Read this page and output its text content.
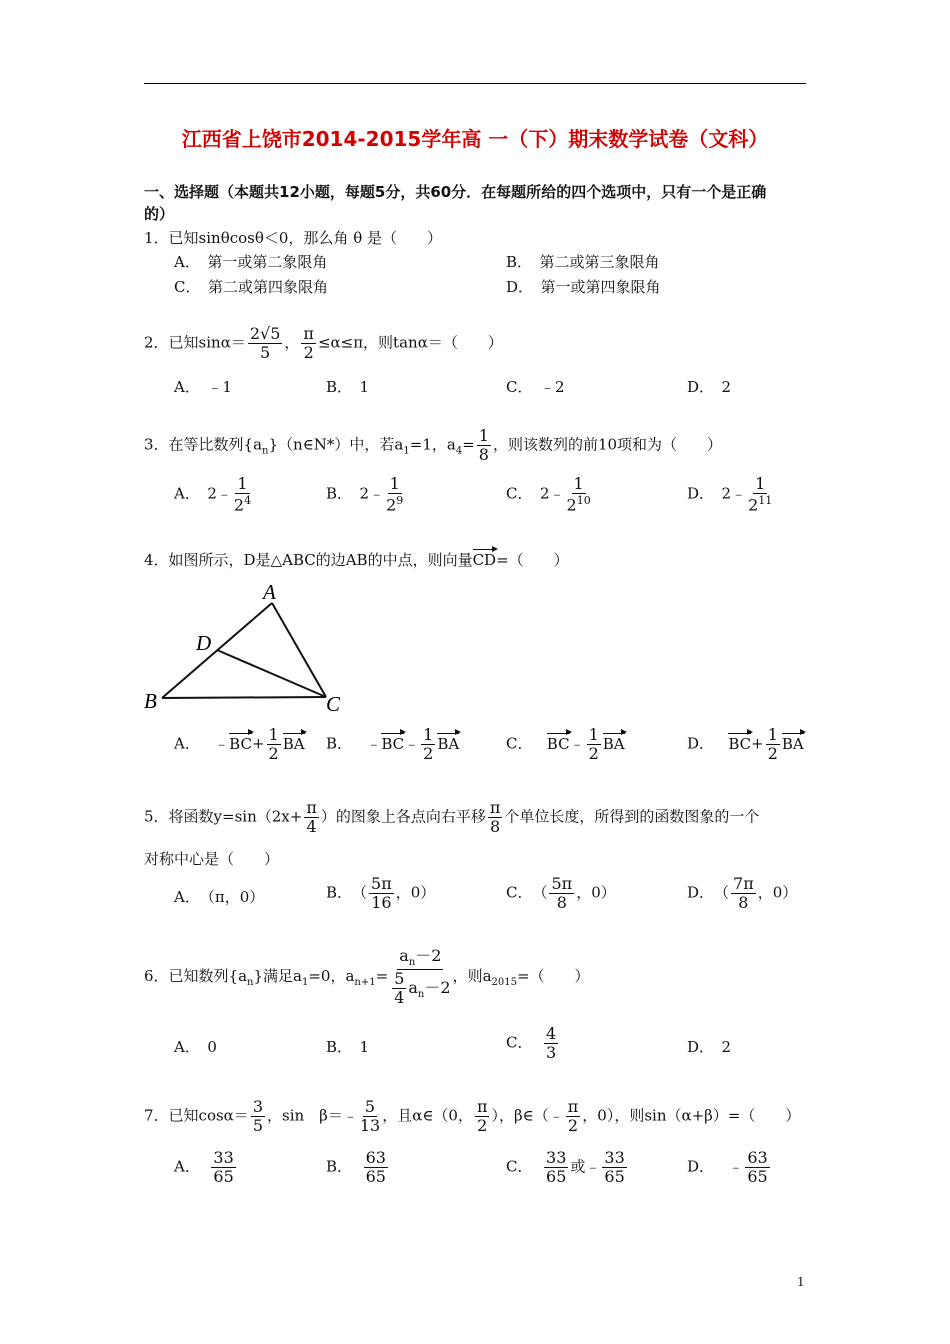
江西省上饶市2014-2015学年高 一（下）期末数学试卷（文科）
一、选择题（本题共12小题，每题5分，共60分．在每题所给的四个选项中，只有一个是正确
的）
1．已知sinθcosθ＜0，那么角 θ 是（　　）
A．　第一或第二象限角	B．　第二或第三象限角
C．　第二或第四象限角	D．　第一或第四象限角
2．已知$\sin\alpha= \frac{2√5}{5}$ ， $\frac{\pi}{2} \le\alpha\le\pi$，则tanα＝（　　）
A．　﹣1	B．　1	C．　﹣2	D．　2
3．在等比数列$\{a_n\}(n\in N*)$中，若$a_1=1$，$a_4= \frac{1}{8}$ ，则该数列的前10项和为（　　）
A．　2﹣ $\frac{1}{2^4}$	B．　2﹣ $\frac{1}{2^9}$	C．　2﹣ $\frac{1}{2^{10}}$	D．　2﹣ $\frac{1}{2^{11}}$
4．如图所示，D是△ABC的边AB的中点，则向量CD=（　　）
A
D
B	C
A． ﹣BC+ $\frac{1}{2}$ BA B． ﹣BC﹣ $\frac{1}{2}$ BA	C． BC﹣ $\frac{1}{2}$ BA	D． $BC+ \frac{1}{2}$ BA
5．将函数$y=\sin(2x+ \frac{\pi}{4}$ ）的图象上各点向右平移 $\frac{\pi}{8}$ 个单位长度，所得到的函数图象的一个
对称中心是（　　）
A．　（π，0）	B．　（ $\frac{5\pi}{16}$ ，0）	C．　（ $\frac{5\pi}{8}$ ，0）	D．　（ $\frac{7\pi}{8}$ ，0）
6．已知数列$\{a_n\}$满足$a_1=0$，$a_{n+1}= \frac{a_n-2}{\frac{5}{4} a_n-2}$ ，则$a_{2015}=$（　　）
A．　0	B．　1	C． $\frac{4}{3}$	D．　2
7．已知$\cos\alpha= \frac{3}{5}$ ，sin　β＝﹣ $\frac{5}{13}$ ，且α∈（0， $\frac{\pi}{2}$ ），β∈（﹣ $\frac{\pi}{2}$ ，0），则sin（α+β）=（　　）
A． $\frac{33}{65}$	B． $\frac{63}{65}$	C． $\frac{33}{65}$ 或﹣ $\frac{33}{65}$	D． ﹣ $\frac{63}{65}$
1
